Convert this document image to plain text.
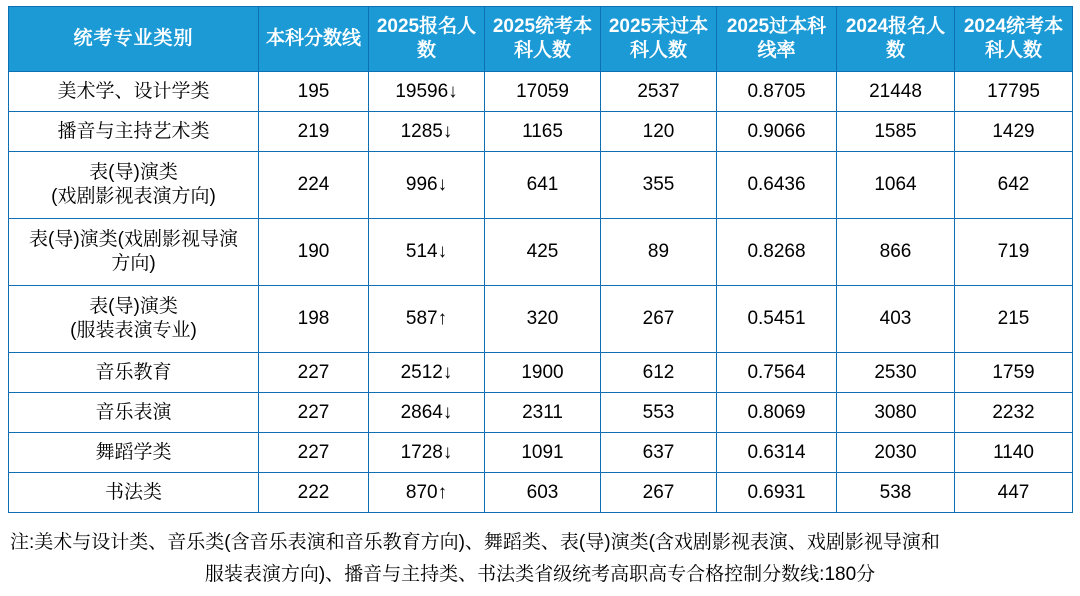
统考专业类别	本科分数线	2025报名人数	2025统考本科人数	2025未过本科人数	2025过本科线率	2024报名人数	2024统考本科人数
美术学、设计学类	195	19596↓	17059	2537	0.8705	21448	17795
播音与主持艺术类	219	1285↓	1165	120	0.9066	1585	1429

表(导)演类
(戏剧影视表演方向)	224	996↓	641	355	0.6436	1064	642

表(导)演类(戏剧影视导演
方向)	190	514↓	425	89	0.8268	866	719

表(导)演类
(服装表演专业)	198	587↑	320	267	0.5451	403	215
音乐教育	227	2512↓	1900	612	0.7564	2530	1759
音乐表演	227	2864↓	2311	553	0.8069	3080	2232
舞蹈学类	227	1728↓	1091	637	0.6314	2030	1140
书法类	222	870↑	603	267	0.6931	538	447
注:美术与设计类、音乐类(含音乐表演和音乐教育方向)、舞蹈类、表(导)演类(含戏剧影视表演、戏剧影视导演和
服装表演方向)、播音与主持类、书法类省级统考高职高专合格控制分数线:180分
